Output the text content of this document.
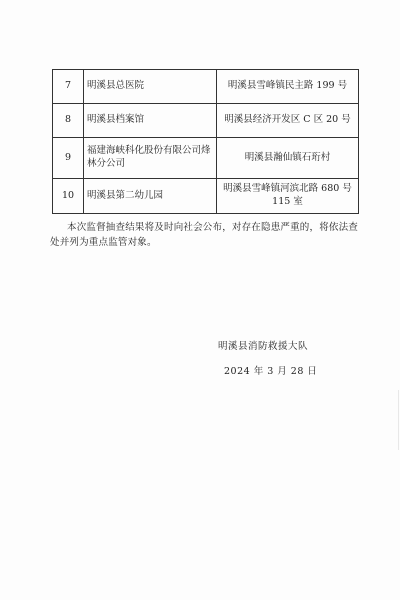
7	明溪县总医院	明溪县雪峰镇民主路 199 号
8	明溪县档案馆	明溪县经济开发区 C 区 20 号
9	福建海峡科化股份有限公司烽林分公司	明溪县瀚仙镇石珩村
10	明溪县第二幼儿园	明溪县雪峰镇河滨北路 680 号 115 室

本次监督抽查结果将及时向社会公布，对存在隐患严重的，将依法查处并列为重点监管对象。

明溪县消防救援大队
2024 年 3 月 28 日
